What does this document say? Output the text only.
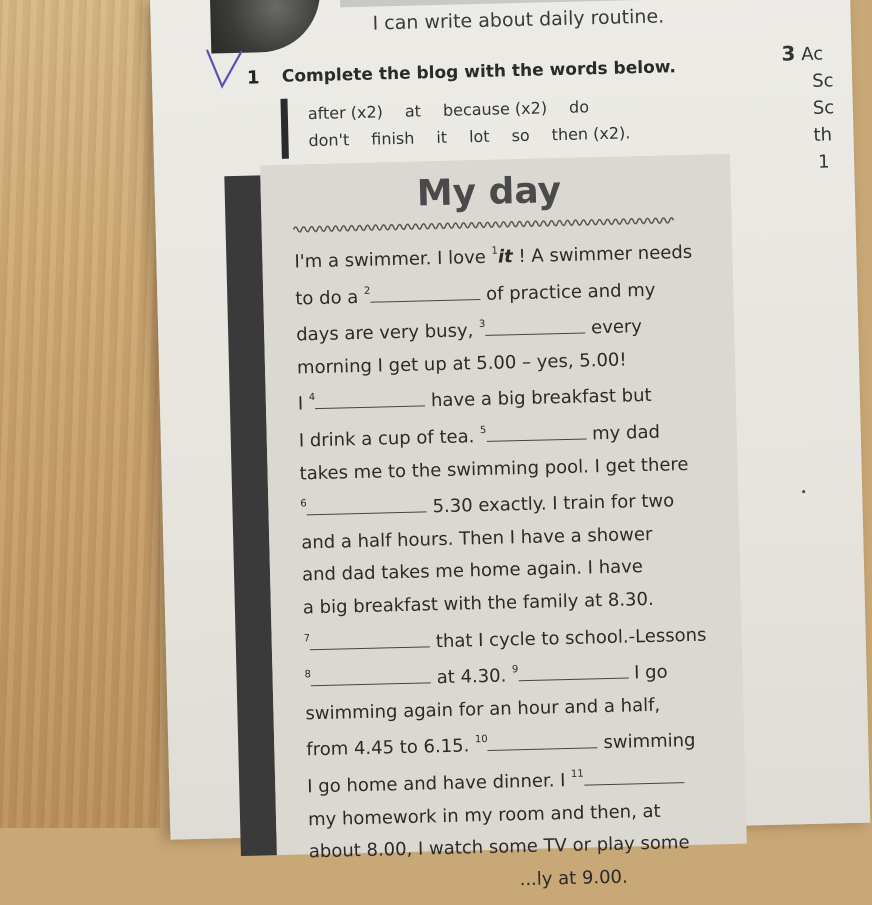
I can write about daily routine.
1 Complete the blog with the words below.
after (x2) at because (x2) do
don't finish it lot so then (x2).
3 Ac
Sc
Sc
th
1
My day
I'm a swimmer. I love $^1$it ! A swimmer needs
to do a $^2$	of practice and my
days are very busy, $^3$	every
morning I get up at 5.00 – yes, 5.00!
I $^4$	have a big breakfast but
I drink a cup of tea. $^5$	my dad
takes me to the swimming pool. I get there
$^6$	5.30 exactly. I train for two
and a half hours. Then I have a shower
and dad takes me home again. I have
a big breakfast with the family at 8.30.
$^7$	that I cycle to school.-Lessons
$^8$	at 4.30. $^9$	I go
swimming again for an hour and a half,
from 4.45 to 6.15. $^{10}$	swimming
I go home and have dinner. I $^{11}$
my homework in my room and then, at
about 8.00, I watch some TV or play some
...ly at 9.00.
